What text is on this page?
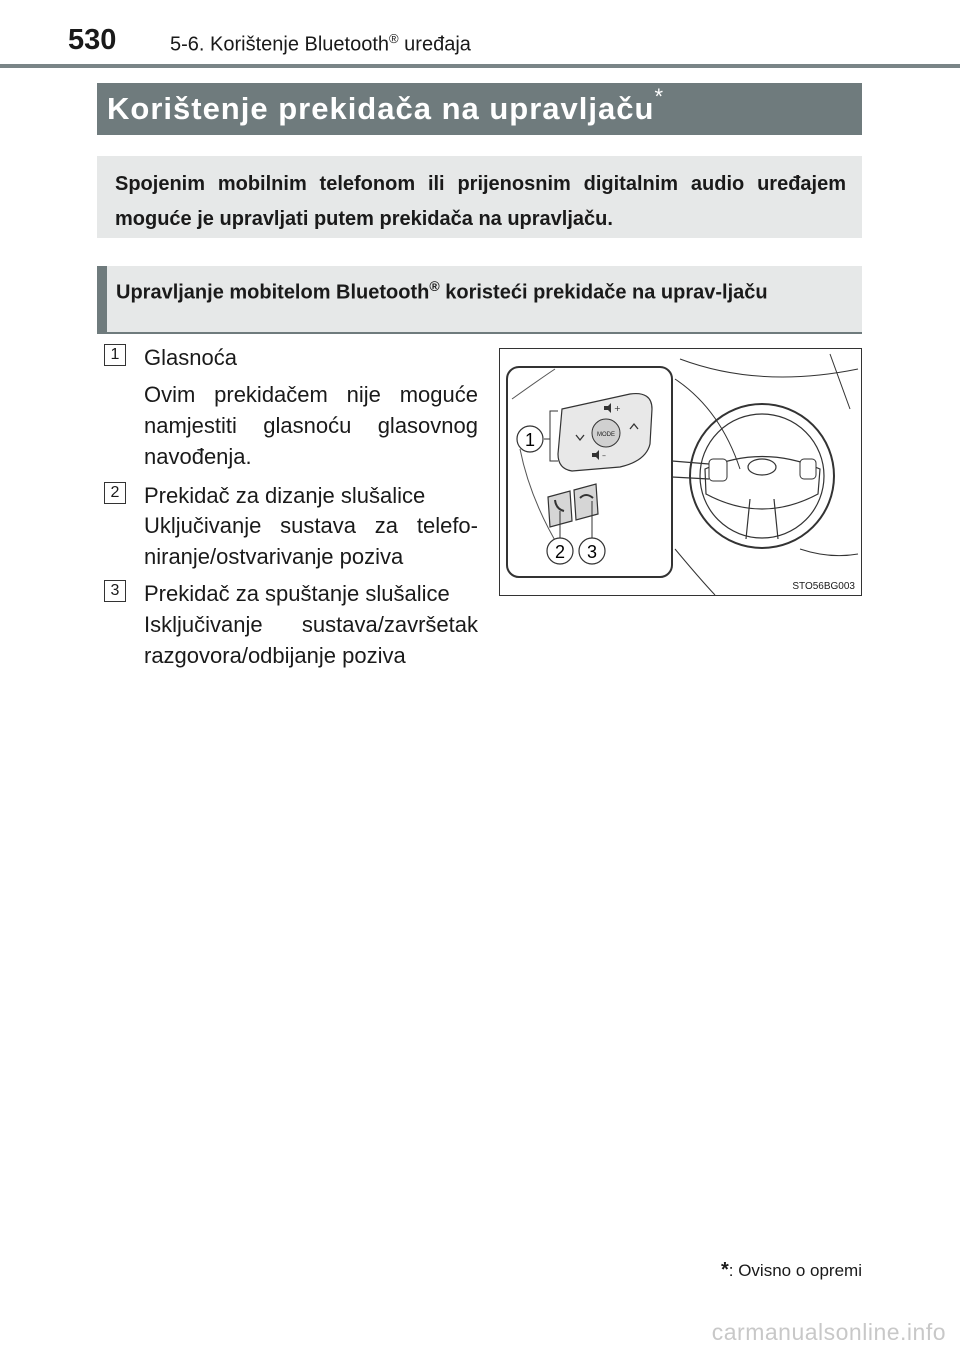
530	5-6. Korištenje Bluetooth® uređaja
Korištenje prekidača na upravljaču*
Spojenim mobilnim telefonom ili prijenosnim digitalnim audio uređajem moguće je upravljati putem prekidača na upravljaču.
Upravljanje mobitelom Bluetooth® koristeći prekidače na uprav-ljaču
1 Glasnoća
Ovim prekidačem nije moguće namjestiti glasnoću glasovnog navođenja.
2 Prekidač za dizanje slušalice
Uključivanje sustava za telefo-niranje/ostvarivanje poziva
3 Prekidač za spuštanje slušalice
Isključivanje sustava/završetak razgovora/odbijanje poziva
MODE
+
–
1
2 3
STO56BG003
*: Ovisno o opremi
carmanualsonline.info
